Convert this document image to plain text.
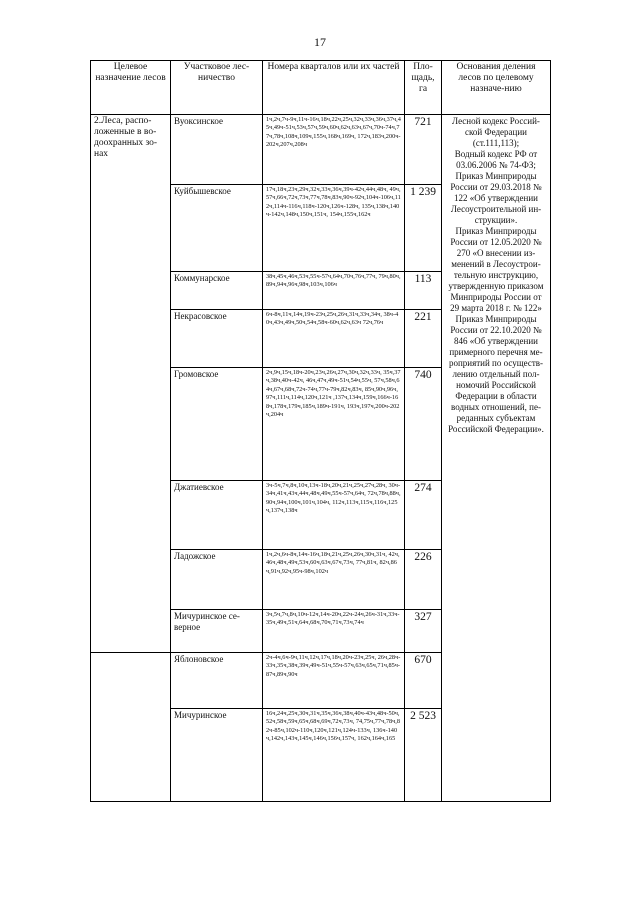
17
Целевое назначение лесов	Участковое лес-ничество	Номера кварталов или их частей	Пло-щадь, га	Основания деления лесов по целевому назначе-нию
2.Леса, распо-ложенные в во-доохранных зо-нах	Вуоксинское	1ч,2ч,7ч-9ч,11ч-16ч,18ч,22ч,25ч,32ч,33ч,36ч,37ч,45ч,49ч-51ч,53ч,57ч,59ч,60ч,62ч,63ч,67ч,70ч-74ч,77ч,78ч,108ч,109ч,155ч,168ч,169ч, 172ч,183ч,200ч-202ч,207ч,208ч	721	Лесной кодекс Россий-ской Федерации (ст.111,113);

Водный кодекс РФ от 03.06.2006 № 74-ФЗ;

Приказ Минприроды России от 29.03.2018 № 122 «Об утверждении Лесоустроительной ин-струкции».

Приказ Минприроды России от 12.05.2020 № 270 «О внесении из-менений в Лесоустрои-тельную инструкцию, утвержденную приказом Минприроды России от 29 марта 2018 г. № 122»

Приказ Минприроды России от 22.10.2020 № 846 «Об утверждении примерного перечня ме-роприятий по осуществ-лению отдельный пол-номочий Российской Федерации в области водных отношений, пе-реданных субъектам Российской Федерации».

	Куйбышевское	17ч,18ч,23ч,29ч,32ч,33ч,36ч,39ч-42ч,44ч,48ч, 49ч,57ч,66ч,72ч,73ч,77ч,78ч,83ч,90ч-92ч,104ч-106ч,112ч,114ч-116ч,118ч-120ч,126ч-128ч, 135ч,138ч,140ч-142ч,148ч,150ч,151ч, 154ч,155ч,162ч	1 239	
	Коммунарское	38ч,45ч,46ч,53ч,55ч-57ч,64ч,70ч,76ч,77ч, 79ч,80ч,89ч,94ч,96ч,98ч,103ч,106ч	113	
	Некрасовское	6ч-8ч,11ч,14ч,19ч-23ч,25ч,26ч,31ч,33ч,34ч, 38ч-40ч,43ч,49ч,50ч,54ч,58ч-60ч,62ч,63ч 72ч,76ч	221	
	Громовское	2ч,9ч,15ч,18ч-20ч,23ч,26ч,27ч,30ч,32ч,33ч, 35ч,37ч,38ч,40ч-42ч, 46ч,47ч,49ч-51ч,54ч,55ч, 57ч,58ч,64ч,67ч,68ч,72ч-74ч,77ч-79ч,82ч,83ч, 85ч,90ч,96ч,97ч,111ч,114ч,120ч,121ч ,137ч,134ч,159ч,166ч-168ч,178ч,179ч,185ч,189ч-191ч, 193ч,197ч,200ч-202ч,204ч	740	
	Джатиевское	3ч-5ч,7ч,8ч,10ч,13ч-18ч,20ч,21ч,25ч,27ч,28ч, 30ч-34ч,41ч,43ч,44ч,48ч,49ч,55ч-57ч,64ч, 72ч,78ч,88ч,90ч,94ч,100ч,101ч,104ч, 112ч,113ч,115ч,116ч,125ч,137ч,138ч	274	
	Ладожское	1ч,2ч,6ч-8ч,14ч-16ч,18ч,21ч,25ч,26ч,30ч,31ч, 42ч,46ч,48ч,49ч,53ч,60ч,63ч,67ч,73ч, 77ч,81ч, 82ч,86ч,91ч,92ч,95ч-98ч,102ч	226	
	Мичуринское се-верное	3ч,5ч,7ч,8ч,10ч-12ч,14ч-20ч,22ч-24ч,26ч-31ч,33ч-35ч,49ч,51ч,64ч,68ч,70ч,71ч,73ч,74ч	327	
	Яблоновское	2ч-4ч,6ч-9ч,11ч,12ч,17ч,18ч,20ч-23ч,25ч, 26ч,28ч-33ч,35ч,38ч,39ч,49ч-51ч,55ч-57ч,63ч,65ч,71ч,85ч-87ч,89ч,90ч	670	
	Мичуринское	16ч,24ч,25ч,30ч,31ч,35ч,36ч,38ч,40ч-43ч,48ч-50ч,52ч,58ч,59ч,65ч,68ч,69ч,72ч,73ч, 74,75ч,77ч,78ч,82ч-85ч,102ч-110ч,120ч,121ч,124ч-133ч, 136ч-140ч,142ч,143ч,145ч,146ч,156ч,157ч, 162ч,164ч,165	2 523	
